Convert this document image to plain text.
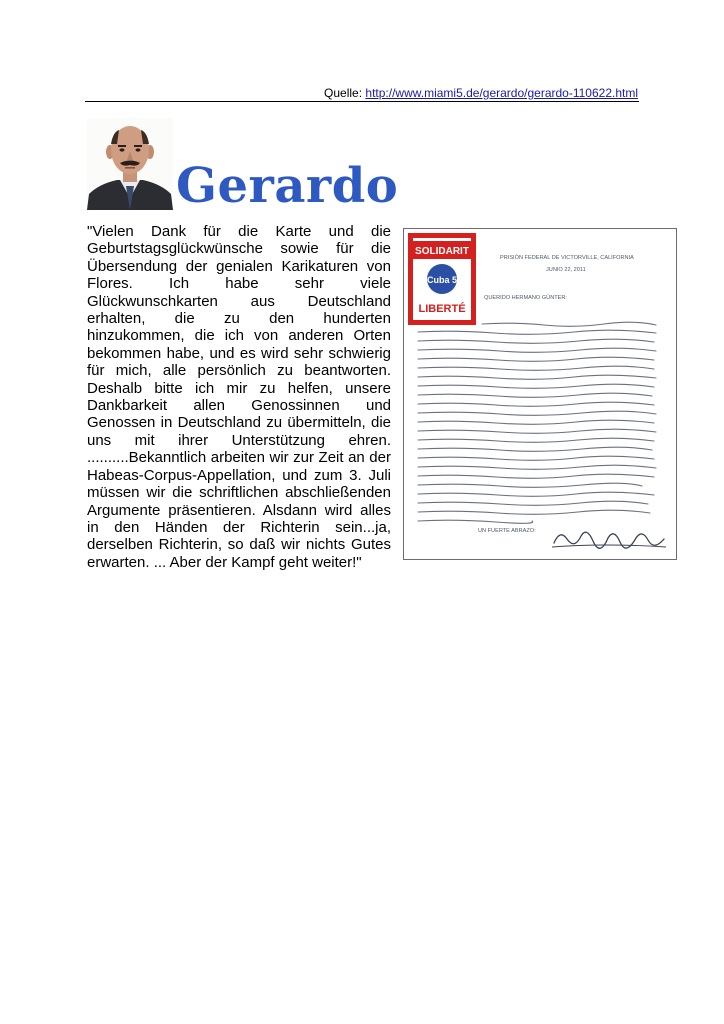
Quelle: http://www.miami5.de/gerardo/gerardo-110622.html
Gerardo
"Vielen Dank für die Karte und die Geburtstagsglückwünsche sowie für die Übersendung der genialen Karikaturen von Flores. Ich habe sehr viele Glückwunschkarten aus Deutschland erhalten, die zu den hunderten hinzukommen, die ich von anderen Orten bekommen habe, und es wird sehr schwierig für mich, alle persönlich zu beantworten. Deshalb bitte ich mir zu helfen, unsere Dankbarkeit allen Genossinnen und Genossen in Deutschland zu übermitteln, die uns mit ihrer Unterstützung ehren. ..........Bekanntlich arbeiten wir zur Zeit an der Habeas-Corpus-Appellation, und zum 3. Juli müssen wir die schriftlichen abschließenden Argumente präsentieren. Alsdann wird alles in den Händen der Richterin sein...ja, derselben Richterin, so daß wir nichts Gutes erwarten. ... Aber der Kampf geht weiter!"
SOLIDARIT
Cuba 5
LIBERTÉ
PRISIÓN FEDERAL DE VICTORVILLE, CALIFORNIA
JUNIO 22, 2011
QUERIDO HERMANO GÜNTER:
UN FUERTE ABRAZO:
